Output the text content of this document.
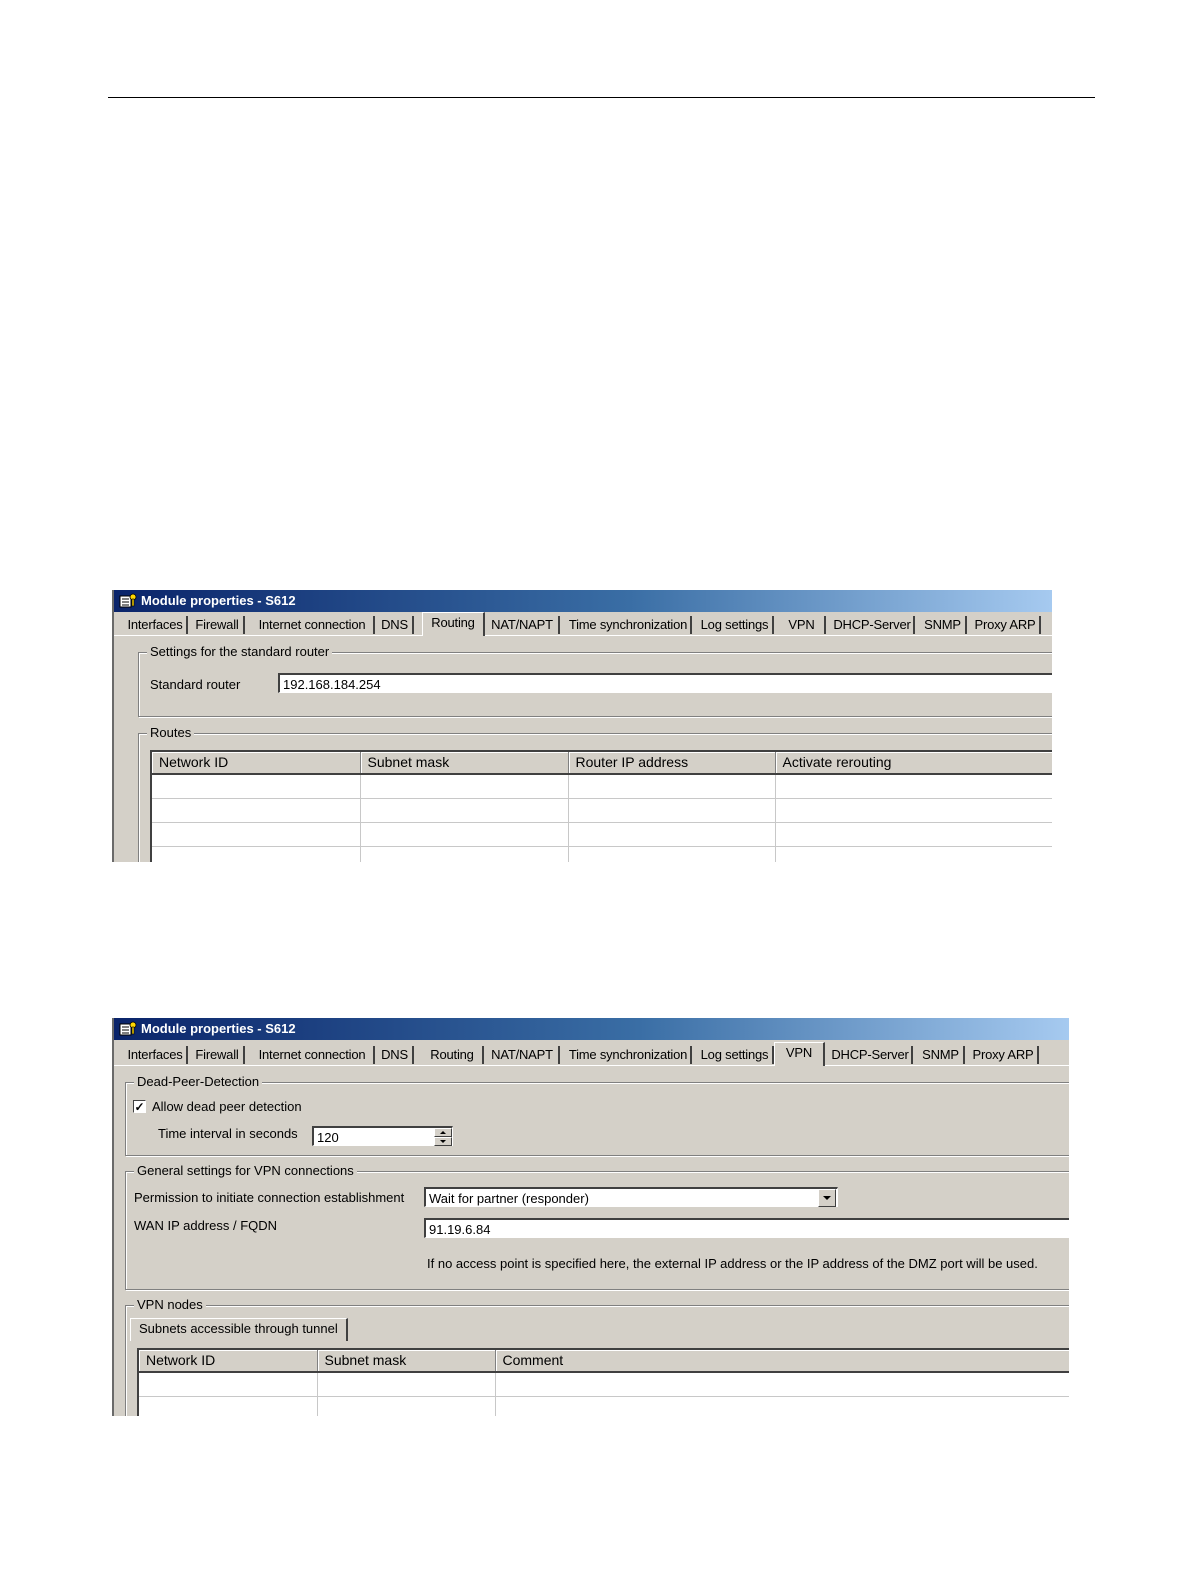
Module properties - S612
Interfaces Firewall	Internet connection	DNS	Routing	NAT/NAPT	Time synchronization	Log settings	VPN	DHCP-Server	SNMP	Proxy ARP
Settings for the standard router
Standard router	192.168.184.254
Routes
Network ID	Subnet mask	Router IP address	Activate rerouting

Module properties - S612
Interfaces Firewall	Internet connection	DNS	Routing	NAT/NAPT	Time synchronization	Log settings	VPN	DHCP-Server	SNMP	Proxy ARP
Dead-Peer-Detection
✓ Allow dead peer detection
Time interval in seconds	120
General settings for VPN connections
Permission to initiate connection establishment	Wait for partner (responder)
WAN IP address / FQDN	91.19.6.84
If no access point is specified here, the external IP address or the IP address of the DMZ port will be used.
VPN nodes
Subnets accessible through tunnel
Network ID	Subnet mask	Comment
